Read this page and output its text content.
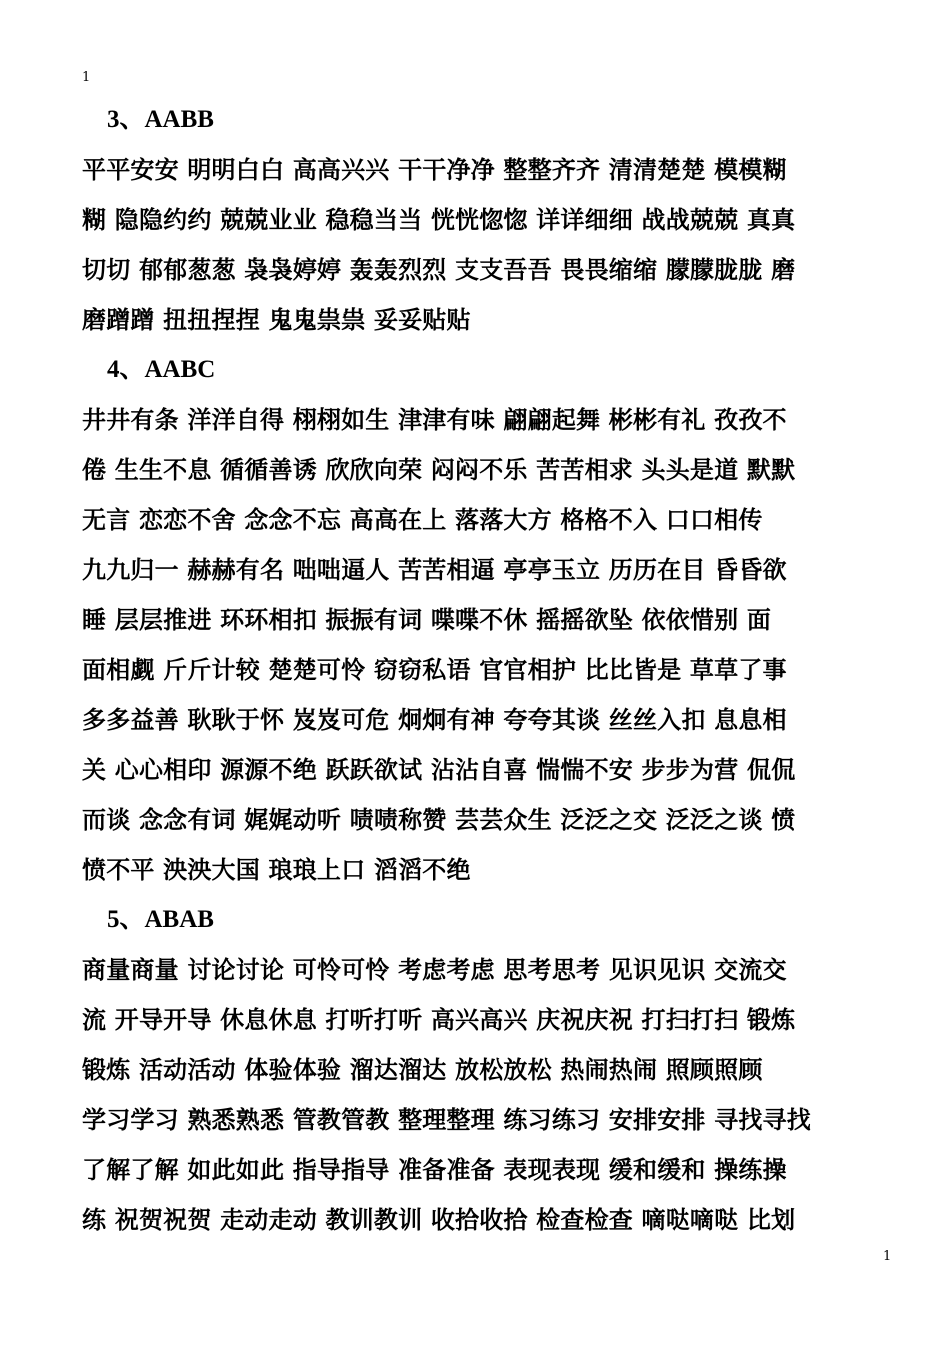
1
3、AABB
平平安安 明明白白 高高兴兴 干干净净 整整齐齐 清清楚楚 模模糊
糊 隐隐约约 兢兢业业 稳稳当当 恍恍惚惚 详详细细 战战兢兢 真真
切切 郁郁葱葱 袅袅婷婷 轰轰烈烈 支支吾吾 畏畏缩缩 朦朦胧胧 磨
磨蹭蹭 扭扭捏捏 鬼鬼祟祟 妥妥贴贴
4、AABC
井井有条 洋洋自得 栩栩如生 津津有味 翩翩起舞 彬彬有礼 孜孜不
倦 生生不息 循循善诱 欣欣向荣 闷闷不乐 苦苦相求 头头是道 默默
无言 恋恋不舍 念念不忘 高高在上 落落大方 格格不入 口口相传
九九归一 赫赫有名 咄咄逼人 苦苦相逼 亭亭玉立 历历在目 昏昏欲
睡 层层推进 环环相扣 振振有词 喋喋不休 摇摇欲坠 依依惜别 面
面相觑 斤斤计较 楚楚可怜 窃窃私语 官官相护 比比皆是 草草了事
多多益善 耿耿于怀 岌岌可危 炯炯有神 夸夸其谈 丝丝入扣 息息相
关 心心相印 源源不绝 跃跃欲试 沾沾自喜 惴惴不安 步步为营 侃侃
而谈 念念有词 娓娓动听 啧啧称赞 芸芸众生 泛泛之交 泛泛之谈 愤
愤不平 泱泱大国 琅琅上口 滔滔不绝
5、ABAB
商量商量 讨论讨论 可怜可怜 考虑考虑 思考思考 见识见识 交流交
流 开导开导 休息休息 打听打听 高兴高兴 庆祝庆祝 打扫打扫 锻炼
锻炼 活动活动 体验体验 溜达溜达 放松放松 热闹热闹 照顾照顾
学习学习 熟悉熟悉 管教管教 整理整理 练习练习 安排安排 寻找寻找
了解了解 如此如此 指导指导 准备准备 表现表现 缓和缓和 操练操
练 祝贺祝贺 走动走动 教训教训 收拾收拾 检查检查 嘀哒嘀哒 比划
1
